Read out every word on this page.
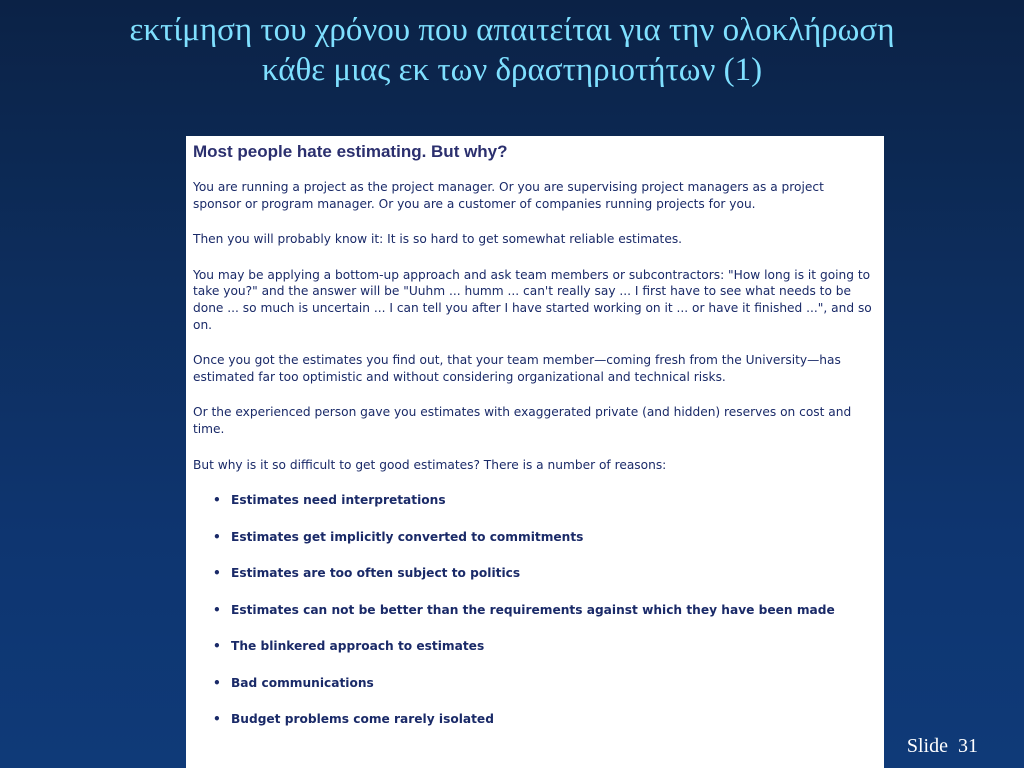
εκτίμηση του χρόνου που απαιτείται για την ολοκλήρωση
κάθε μιας εκ των δραστηριοτήτων (1)
Most people hate estimating. But why?

You are running a project as the project manager. Or you are supervising project managers as a project sponsor or program manager. Or you are a customer of companies running projects for you.

Then you will probably know it: It is so hard to get somewhat reliable estimates.

You may be applying a bottom-up approach and ask team members or subcontractors: "How long is it going to take you?" and the answer will be "Uuhm ... humm ... can't really say ... I first have to see what needs to be done ... so much is uncertain ... I can tell you after I have started working on it ... or have it finished ...", and so on.

Once you got the estimates you find out, that your team member—coming fresh from the University—has estimated far too optimistic and without considering organizational and technical risks.

Or the experienced person gave you estimates with exaggerated private (and hidden) reserves on cost and time.

But why is it so difficult to get good estimates? There is a number of reasons:

• Estimates need interpretations
• Estimates get implicitly converted to commitments
• Estimates are too often subject to politics
• Estimates can not be better than the requirements against which they have been made
• The blinkered approach to estimates
• Bad communications
• Budget problems come rarely isolated
Slide 31
